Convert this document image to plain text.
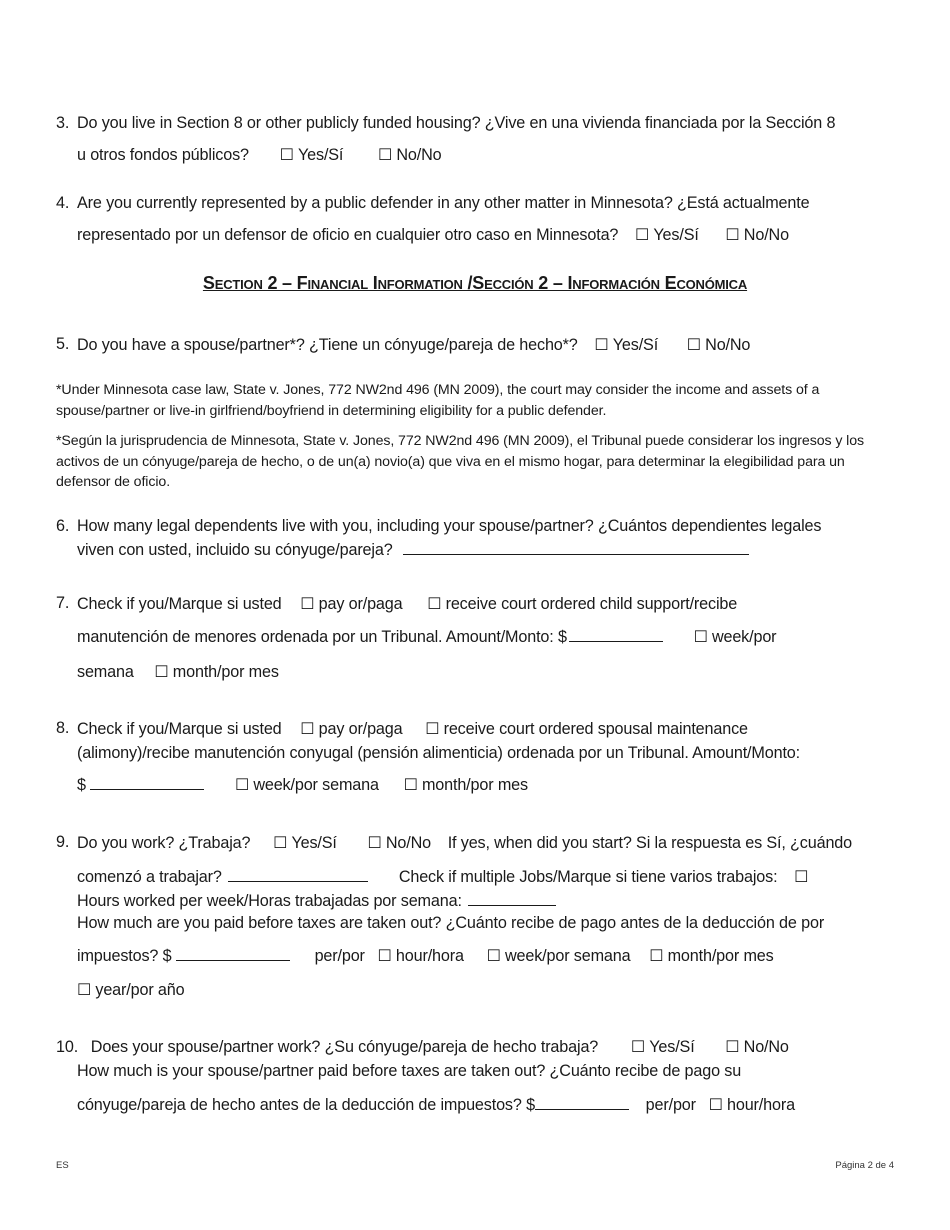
3. Do you live in Section 8 or other publicly funded housing? ¿Vive en una vivienda financiada por la Sección 8
u otros fondos públicos? ☐ Yes/Sí ☐ No/No
4. Are you currently represented by a public defender in any other matter in Minnesota? ¿Está actualmente
representado por un defensor de oficio en cualquier otro caso en Minnesota? ☐ Yes/Sí ☐ No/No
Section 2 – Financial Information /Sección 2 – Información Económica
5. Do you have a spouse/partner*? ¿Tiene un cónyuge/pareja de hecho*? ☐ Yes/Sí ☐ No/No
*Under Minnesota case law, State v. Jones, 772 NW2nd 496 (MN 2009), the court may consider the income and assets of a spouse/partner or live-in girlfriend/boyfriend in determining eligibility for a public defender.
*Según la jurisprudencia de Minnesota, State v. Jones, 772 NW2nd 496 (MN 2009), el Tribunal puede considerar los ingresos y los activos de un cónyuge/pareja de hecho, o de un(a) novio(a) que viva en el mismo hogar, para determinar la elegibilidad para un defensor de oficio.
6. How many legal dependents live with you, including your spouse/partner? ¿Cuántos dependientes legales
viven con usted, incluido su cónyuge/pareja?
7. Check if you/Marque si usted ☐ pay or/paga ☐ receive court ordered child support/recibe
manutención de menores ordenada por un Tribunal. Amount/Monto: $	☐ week/por
semana ☐ month/por mes
8. Check if you/Marque si usted ☐ pay or/paga ☐ receive court ordered spousal maintenance
(alimony)/recibe manutención conyugal (pensión alimenticia) ordenada por un Tribunal. Amount/Monto:
$	☐ week/por semana ☐ month/por mes
9. Do you work? ¿Trabaja? ☐ Yes/Sí ☐ No/No If yes, when did you start? Si la respuesta es Sí, ¿cuándo
comenzó a trabajar?	Check if multiple Jobs/Marque si tiene varios trabajos: ☐
Hours worked per week/Horas trabajadas por semana:
How much are you paid before taxes are taken out? ¿Cuánto recibe de pago antes de la deducción de por
impuestos? $	per/por ☐ hour/hora ☐ week/por semana ☐ month/por mes
☐ year/por año
10. Does your spouse/partner work? ¿Su cónyuge/pareja de hecho trabaja? ☐ Yes/Sí ☐ No/No
How much is your spouse/partner paid before taxes are taken out? ¿Cuánto recibe de pago su
cónyuge/pareja de hecho antes de la deducción de impuestos? $	per/por ☐ hour/hora
ES	Página 2 de 4
